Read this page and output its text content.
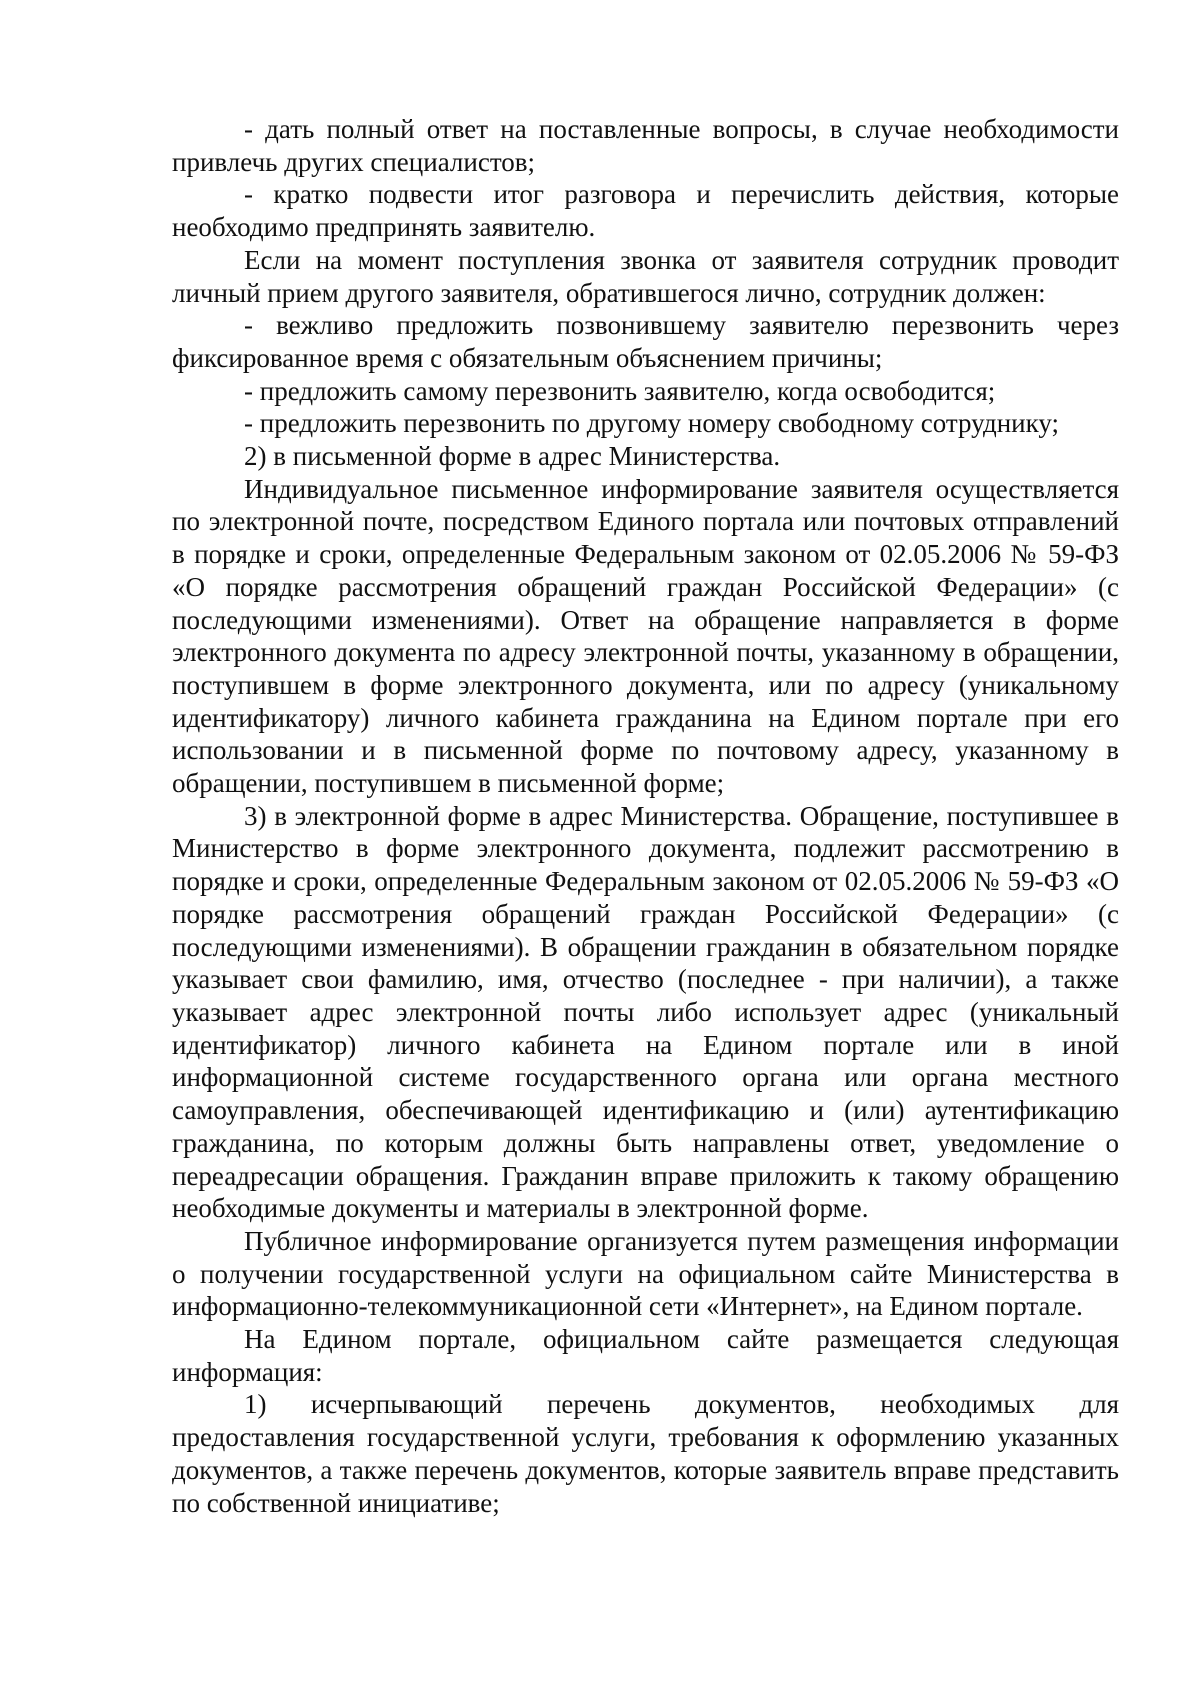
- дать полный ответ на поставленные вопросы, в случае необходимости привлечь других специалистов;

- кратко подвести итог разговора и перечислить действия, которые необходимо предпринять заявителю.

Если на момент поступления звонка от заявителя сотрудник проводит личный прием другого заявителя, обратившегося лично, сотрудник должен:

- вежливо предложить позвонившему заявителю перезвонить через фиксированное время с обязательным объяснением причины;

- предложить самому перезвонить заявителю, когда освободится;

- предложить перезвонить по другому номеру свободному сотруднику;

2) в письменной форме в адрес Министерства.

Индивидуальное письменное информирование заявителя осуществляется по электронной почте, посредством Единого портала или почтовых отправлений в порядке и сроки, определенные Федеральным законом от 02.05.2006 № 59-ФЗ «О порядке рассмотрения обращений граждан Российской Федерации» (с последующими изменениями). Ответ на обращение направляется в форме электронного документа по адресу электронной почты, указанному в обращении, поступившем в форме электронного документа, или по адресу (уникальному идентификатору) личного кабинета гражданина на Едином портале при его использовании и в письменной форме по почтовому адресу, указанному в обращении, поступившем в письменной форме;

3) в электронной форме в адрес Министерства. Обращение, поступившее в Министерство в форме электронного документа, подлежит рассмотрению в порядке и сроки, определенные Федеральным законом от 02.05.2006 № 59-ФЗ «О порядке рассмотрения обращений граждан Российской Федерации» (с последующими изменениями). В обращении гражданин в обязательном порядке указывает свои фамилию, имя, отчество (последнее - при наличии), а также указывает адрес электронной почты либо использует адрес (уникальный идентификатор) личного кабинета на Едином портале или в иной информационной системе государственного органа или органа местного самоуправления, обеспечивающей идентификацию и (или) аутентификацию гражданина, по которым должны быть направлены ответ, уведомление о переадресации обращения. Гражданин вправе приложить к такому обращению необходимые документы и материалы в электронной форме.

Публичное информирование организуется путем размещения информации о получении государственной услуги на официальном сайте Министерства в информационно-телекоммуникационной сети «Интернет», на Едином портале.

На Едином портале, официальном сайте размещается следующая информация:

1) исчерпывающий перечень документов, необходимых для предоставления государственной услуги, требования к оформлению указанных документов, а также перечень документов, которые заявитель вправе представить по собственной инициативе;
